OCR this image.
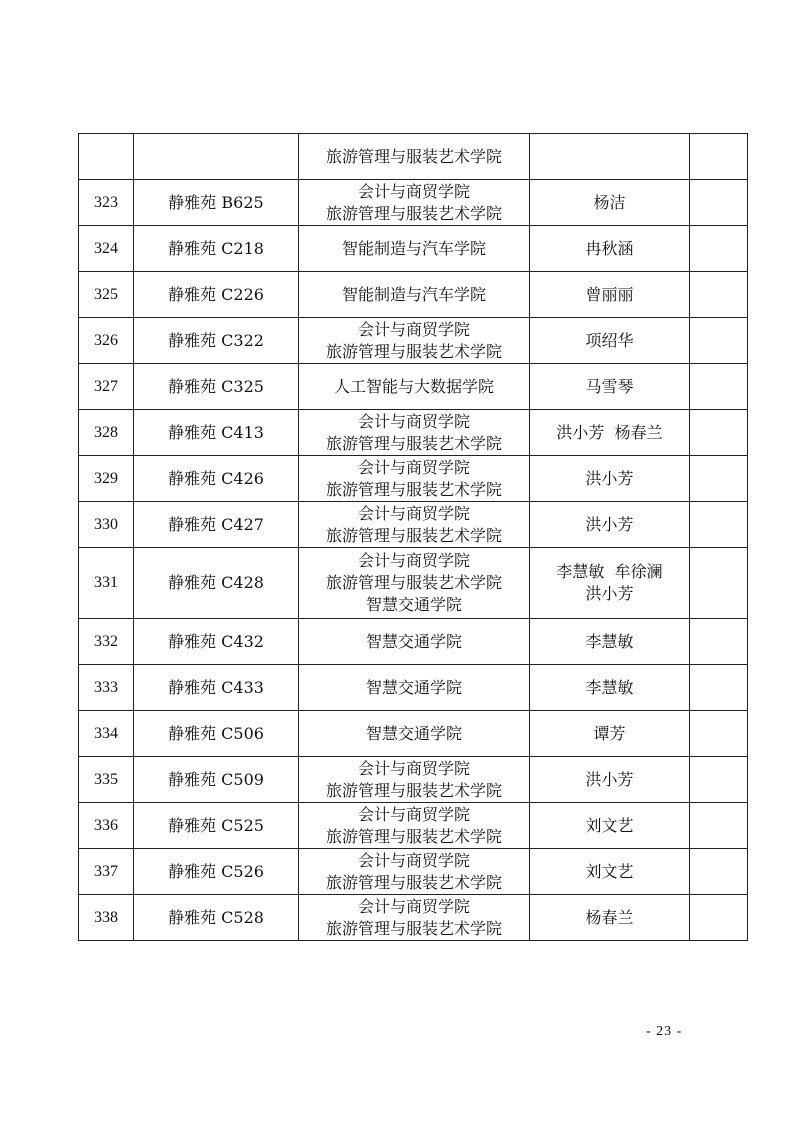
		旅游管理与服装艺术学院		

323	静雅苑 B625	会计与商贸学院
旅游管理与服装艺术学院	杨洁	

324	静雅苑 C218	智能制造与汽车学院	冉秋涵	

325	静雅苑 C226	智能制造与汽车学院	曾丽丽	

326	静雅苑 C322	会计与商贸学院
旅游管理与服装艺术学院	项绍华	

327	静雅苑 C325	人工智能与大数据学院	马雪琴	

328	静雅苑 C413	会计与商贸学院
旅游管理与服装艺术学院	洪小芳  杨春兰	

329	静雅苑 C426	会计与商贸学院
旅游管理与服装艺术学院	洪小芳	

330	静雅苑 C427	会计与商贸学院
旅游管理与服装艺术学院	洪小芳	

331	静雅苑 C428	会计与商贸学院
旅游管理与服装艺术学院
智慧交通学院	李慧敏  牟徐澜
洪小芳	

332	静雅苑 C432	智慧交通学院	李慧敏	

333	静雅苑 C433	智慧交通学院	李慧敏	

334	静雅苑 C506	智慧交通学院	谭芳	

335	静雅苑 C509	会计与商贸学院
旅游管理与服装艺术学院	洪小芳	

336	静雅苑 C525	会计与商贸学院
旅游管理与服装艺术学院	刘文艺	

337	静雅苑 C526	会计与商贸学院
旅游管理与服装艺术学院	刘文艺	

338	静雅苑 C528	会计与商贸学院
旅游管理与服装艺术学院	杨春兰	

- 23 -
